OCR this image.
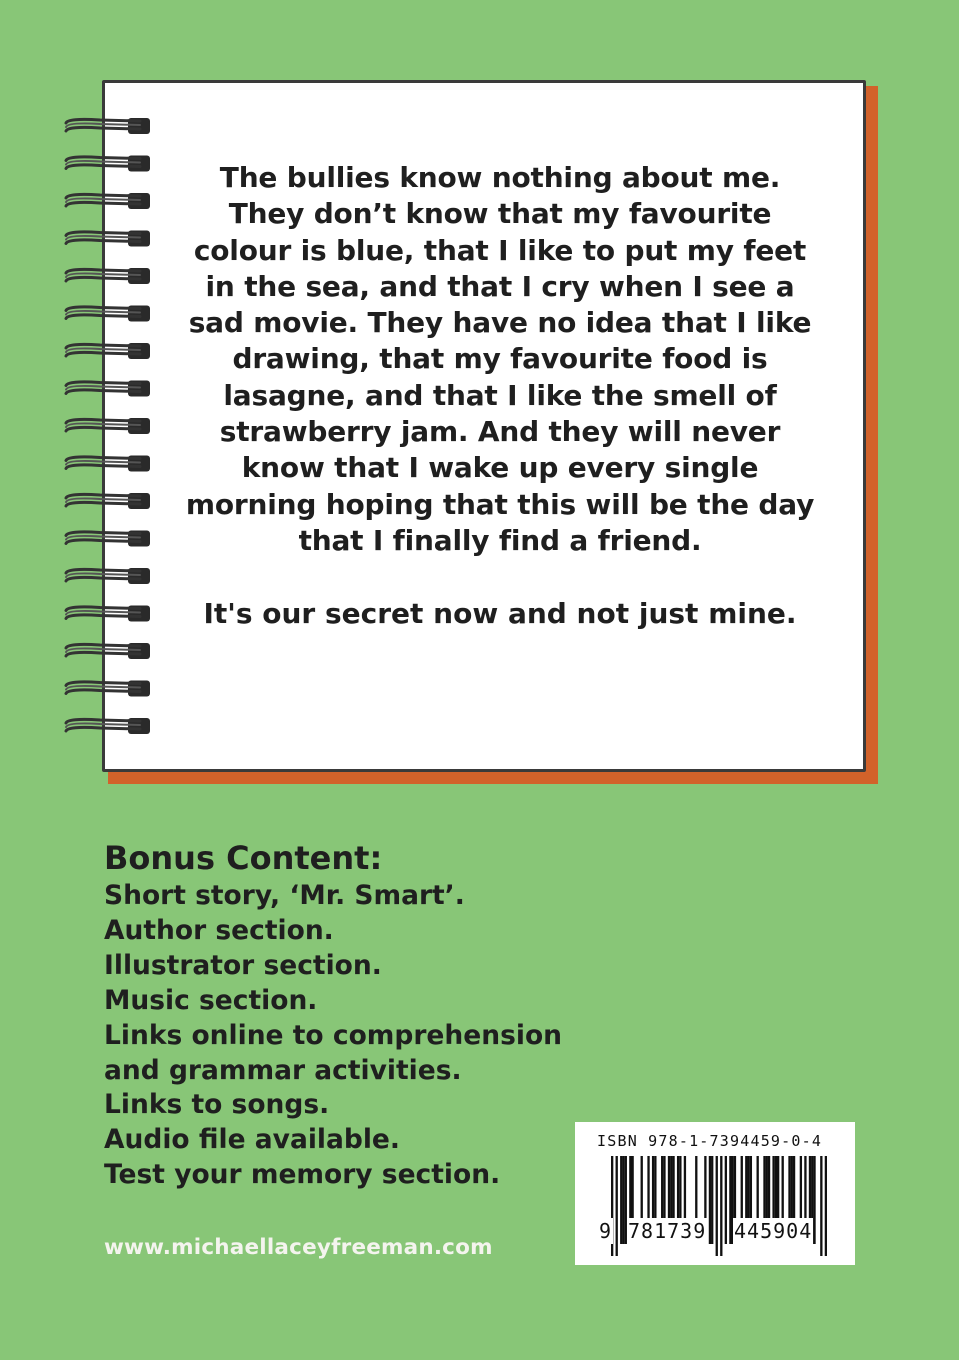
The bullies know nothing about me.
They don’t know that my favourite
colour is blue, that I like to put my feet
in the sea, and that I cry when I see a
sad movie. They have no idea that I like
drawing, that my favourite food is
lasagne, and that I like the smell of
strawberry jam. And they will never
know that I wake up every single
morning hoping that this will be the day
that I finally find a friend.

It's our secret now and not just mine.

Bonus Content:
Short story, ‘Mr. Smart’.
Author section.
Illustrator section.
Music section.
Links online to comprehension
and grammar activities.
Links to songs.
Audio file available.
Test your memory section.
www.michaellaceyfreeman.com
ISBN 978-1-7394459-0-4
9 781739 445904
